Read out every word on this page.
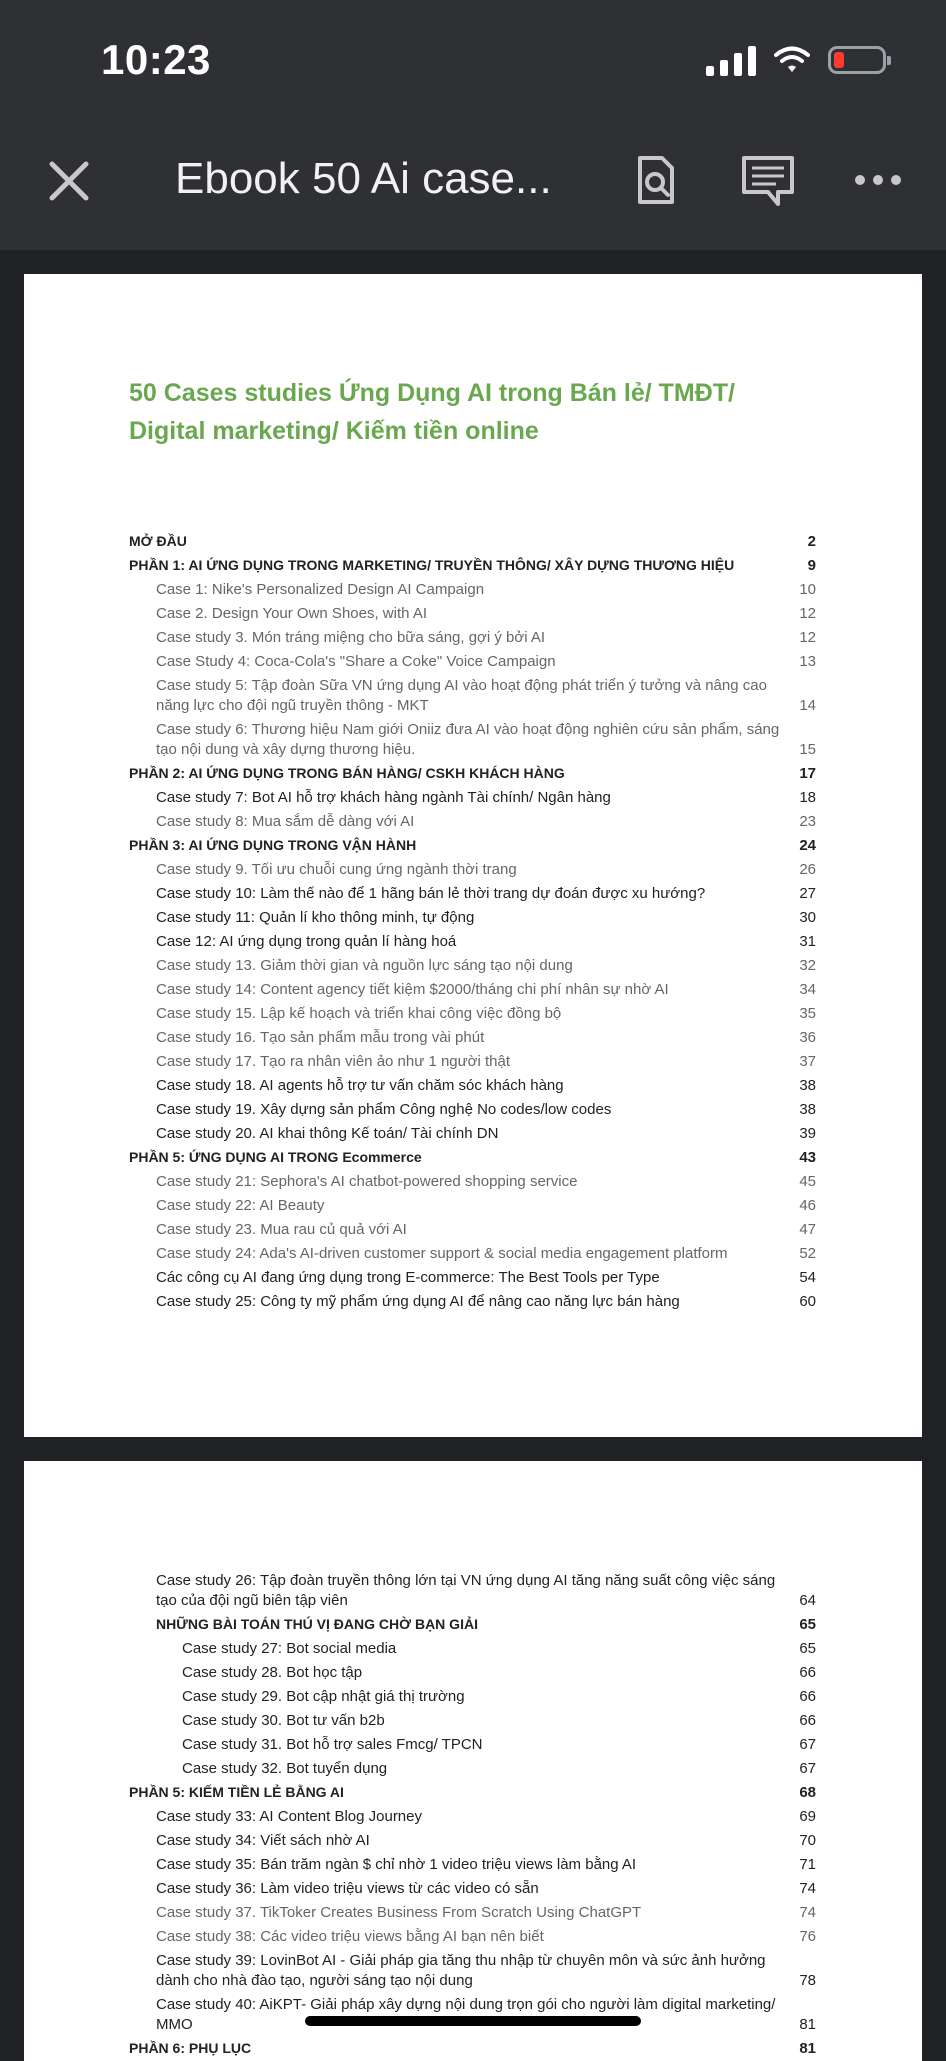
10:23
Ebook 50 Ai case...
50 Cases studies Ứng Dụng AI trong Bán lẻ/ TMĐT/
Digital marketing/ Kiếm tiền online
MỞ ĐẦU	2
PHẦN 1: AI ỨNG DỤNG TRONG MARKETING/ TRUYỀN THÔNG/ XÂY DỰNG THƯƠNG HIỆU	9
Case 1: Nike's Personalized Design AI Campaign	10
Case 2. Design Your Own Shoes, with AI	12
Case study 3. Món tráng miệng cho bữa sáng, gợi ý bởi AI	12
Case Study 4: Coca-Cola's "Share a Coke" Voice Campaign	13
Case study 5: Tập đoàn Sữa VN ứng dụng AI vào hoạt động phát triển ý tưởng và nâng cao
năng lực cho đội ngũ truyền thông - MKT	14
Case study 6: Thương hiệu Nam giới Oniiz đưa AI vào hoạt động nghiên cứu sản phẩm, sáng
tạo nội dung và xây dựng thương hiệu.	15
PHẦN 2: AI ỨNG DỤNG TRONG BÁN HÀNG/ CSKH KHÁCH HÀNG	17
Case study 7: Bot AI hỗ trợ khách hàng ngành Tài chính/ Ngân hàng	18
Case study 8: Mua sắm dễ dàng với AI	23
PHẦN 3: AI ỨNG DỤNG TRONG VẬN HÀNH	24
Case study 9. Tối ưu chuỗi cung ứng ngành thời trang	26
Case study 10: Làm thế nào để 1 hãng bán lẻ thời trang dự đoán được xu hướng?	27
Case study 11: Quản lí kho thông minh, tự động	30
Case 12: AI ứng dụng trong quản lí hàng hoá	31
Case study 13. Giảm thời gian và nguồn lực sáng tạo nội dung	32
Case study 14: Content agency tiết kiệm $2000/tháng chi phí nhân sự nhờ AI	34
Case study 15. Lập kế hoạch và triển khai công việc đồng bộ	35
Case study 16. Tạo sản phẩm mẫu trong vài phút	36
Case study 17. Tạo ra nhân viên ảo như 1 người thật	37
Case study 18. AI agents hỗ trợ tư vấn chăm sóc khách hàng	38
Case study 19. Xây dựng sản phẩm Công nghệ No codes/low codes	38
Case study 20. AI khai thông Kế toán/ Tài chính DN	39
PHẦN 5: ỨNG DỤNG AI TRONG Ecommerce	43
Case study 21: Sephora's AI chatbot-powered shopping service	45
Case study 22: AI Beauty	46
Case study 23. Mua rau củ quả với AI	47
Case study 24: Ada's AI-driven customer support & social media engagement platform	52
Các công cụ AI đang ứng dụng trong E-commerce: The Best Tools per Type	54
Case study 25: Công ty mỹ phẩm ứng dụng AI để nâng cao năng lực bán hàng	60
Case study 26: Tập đoàn truyền thông lớn tại VN ứng dụng AI tăng năng suất công việc sáng
tạo của đội ngũ biên tập viên	64
NHỮNG BÀI TOÁN THÚ VỊ ĐANG CHỜ BẠN GIẢI	65
Case study 27: Bot social media	65
Case study 28. Bot học tập	66
Case study 29. Bot cập nhật giá thị trường	66
Case study 30. Bot tư vấn b2b	66
Case study 31. Bot hỗ trợ sales Fmcg/ TPCN	67
Case study 32. Bot tuyển dụng	67
PHẦN 5: KIẾM TIỀN LẺ BẰNG AI	68
Case study 33: AI Content Blog Journey	69
Case study 34: Viết sách nhờ AI	70
Case study 35: Bán trăm ngàn $ chỉ nhờ 1 video triệu views làm bằng AI	71
Case study 36: Làm video triệu views từ các video có sẵn	74
Case study 37. TikToker Creates Business From Scratch Using ChatGPT	74
Case study 38: Các video triệu views bằng AI bạn nên biết	76
Case study 39: LovinBot AI - Giải pháp gia tăng thu nhập từ chuyên môn và sức ảnh hưởng
dành cho nhà đào tạo, người sáng tạo nội dung	78
Case study 40: AiKPT- Giải pháp xây dựng nội dung trọn gói cho người làm digital marketing/
MMO	81
PHẦN 6: PHỤ LỤC	81
